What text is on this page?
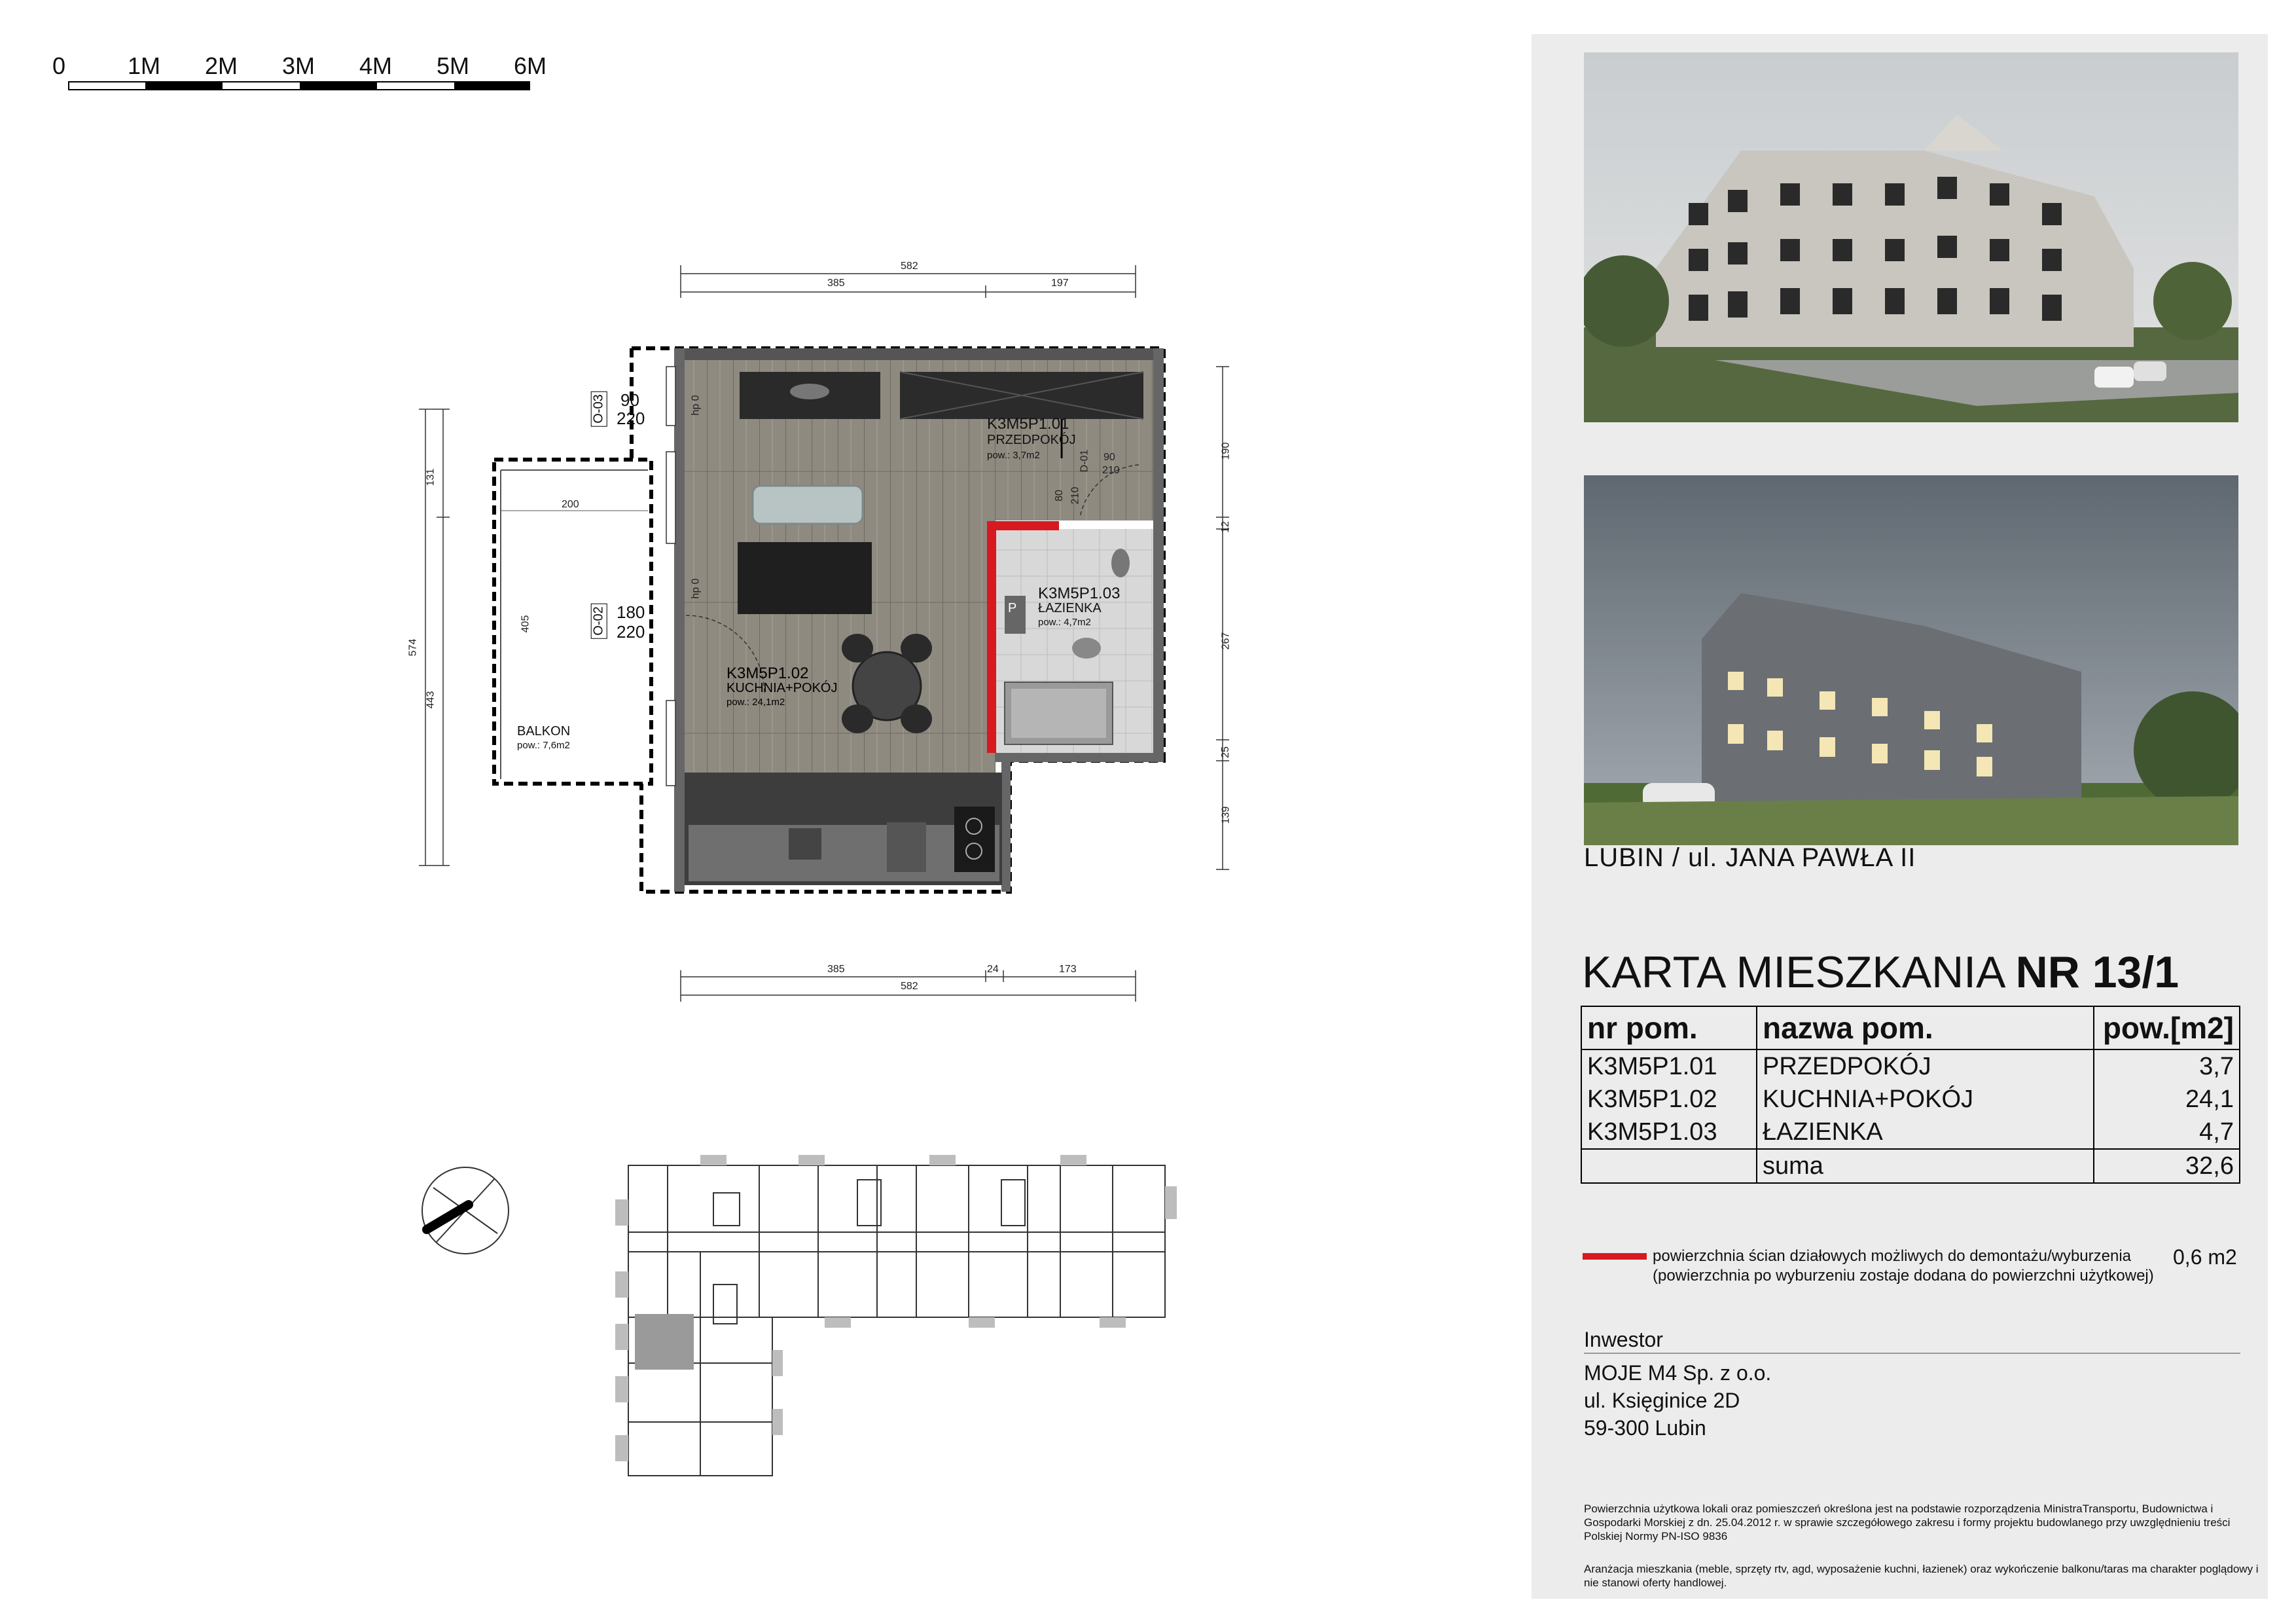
0	1M 2M 3M 4M 5M 6M
582
385	197
385	24	173
582
131
574
443
200
405
190
12
267
25
139
90
210
80 210
D-01
O-03 90
220
O-02 180
220
hp 0
hp 0
K3M5P1.01
PRZEDPOKÓJ
pow.: 3,7m2
K3M5P1.02
KUCHNIA+POKÓJ
pow.: 24,1m2
K3M5P1.03
ŁAZIENKA
pow.: 4,7m2
P
BALKON
pow.: 7,6m2
LUBIN / ul. JANA PAWŁA II
KARTA MIESZKANIA NR 13/1
nr pom.	nazwa pom.	pow.[m2]
K3M5P1.01	PRZEDPOKÓJ	3,7
K3M5P1.02	KUCHNIA+POKÓJ	24,1
K3M5P1.03	ŁAZIENKA	4,7
	suma	32,6
powierzchnia ścian działowych możliwych do demontażu/wyburzenia
(powierzchnia po wyburzeniu zostaje dodana do powierzchni użytkowej)
0,6 m2
Inwestor
MOJE M4 Sp. z o.o.
ul. Księginice 2D
59-300 Lubin
Powierzchnia użytkowa lokali oraz pomieszczeń określona jest na podstawie rozporządzenia MinistraTransportu, Budownictwa i Gospodarki Morskiej z dn. 25.04.2012 r. w sprawie szczegółowego zakresu i formy projektu budowlanego przy uwzględnieniu treści Polskiej Normy PN-ISO 9836
Aranżacja mieszkania (meble, sprzęty rtv, agd, wyposażenie kuchni, łazienek) oraz wykończenie balkonu/taras ma charakter poglądowy i nie stanowi oferty handlowej.
